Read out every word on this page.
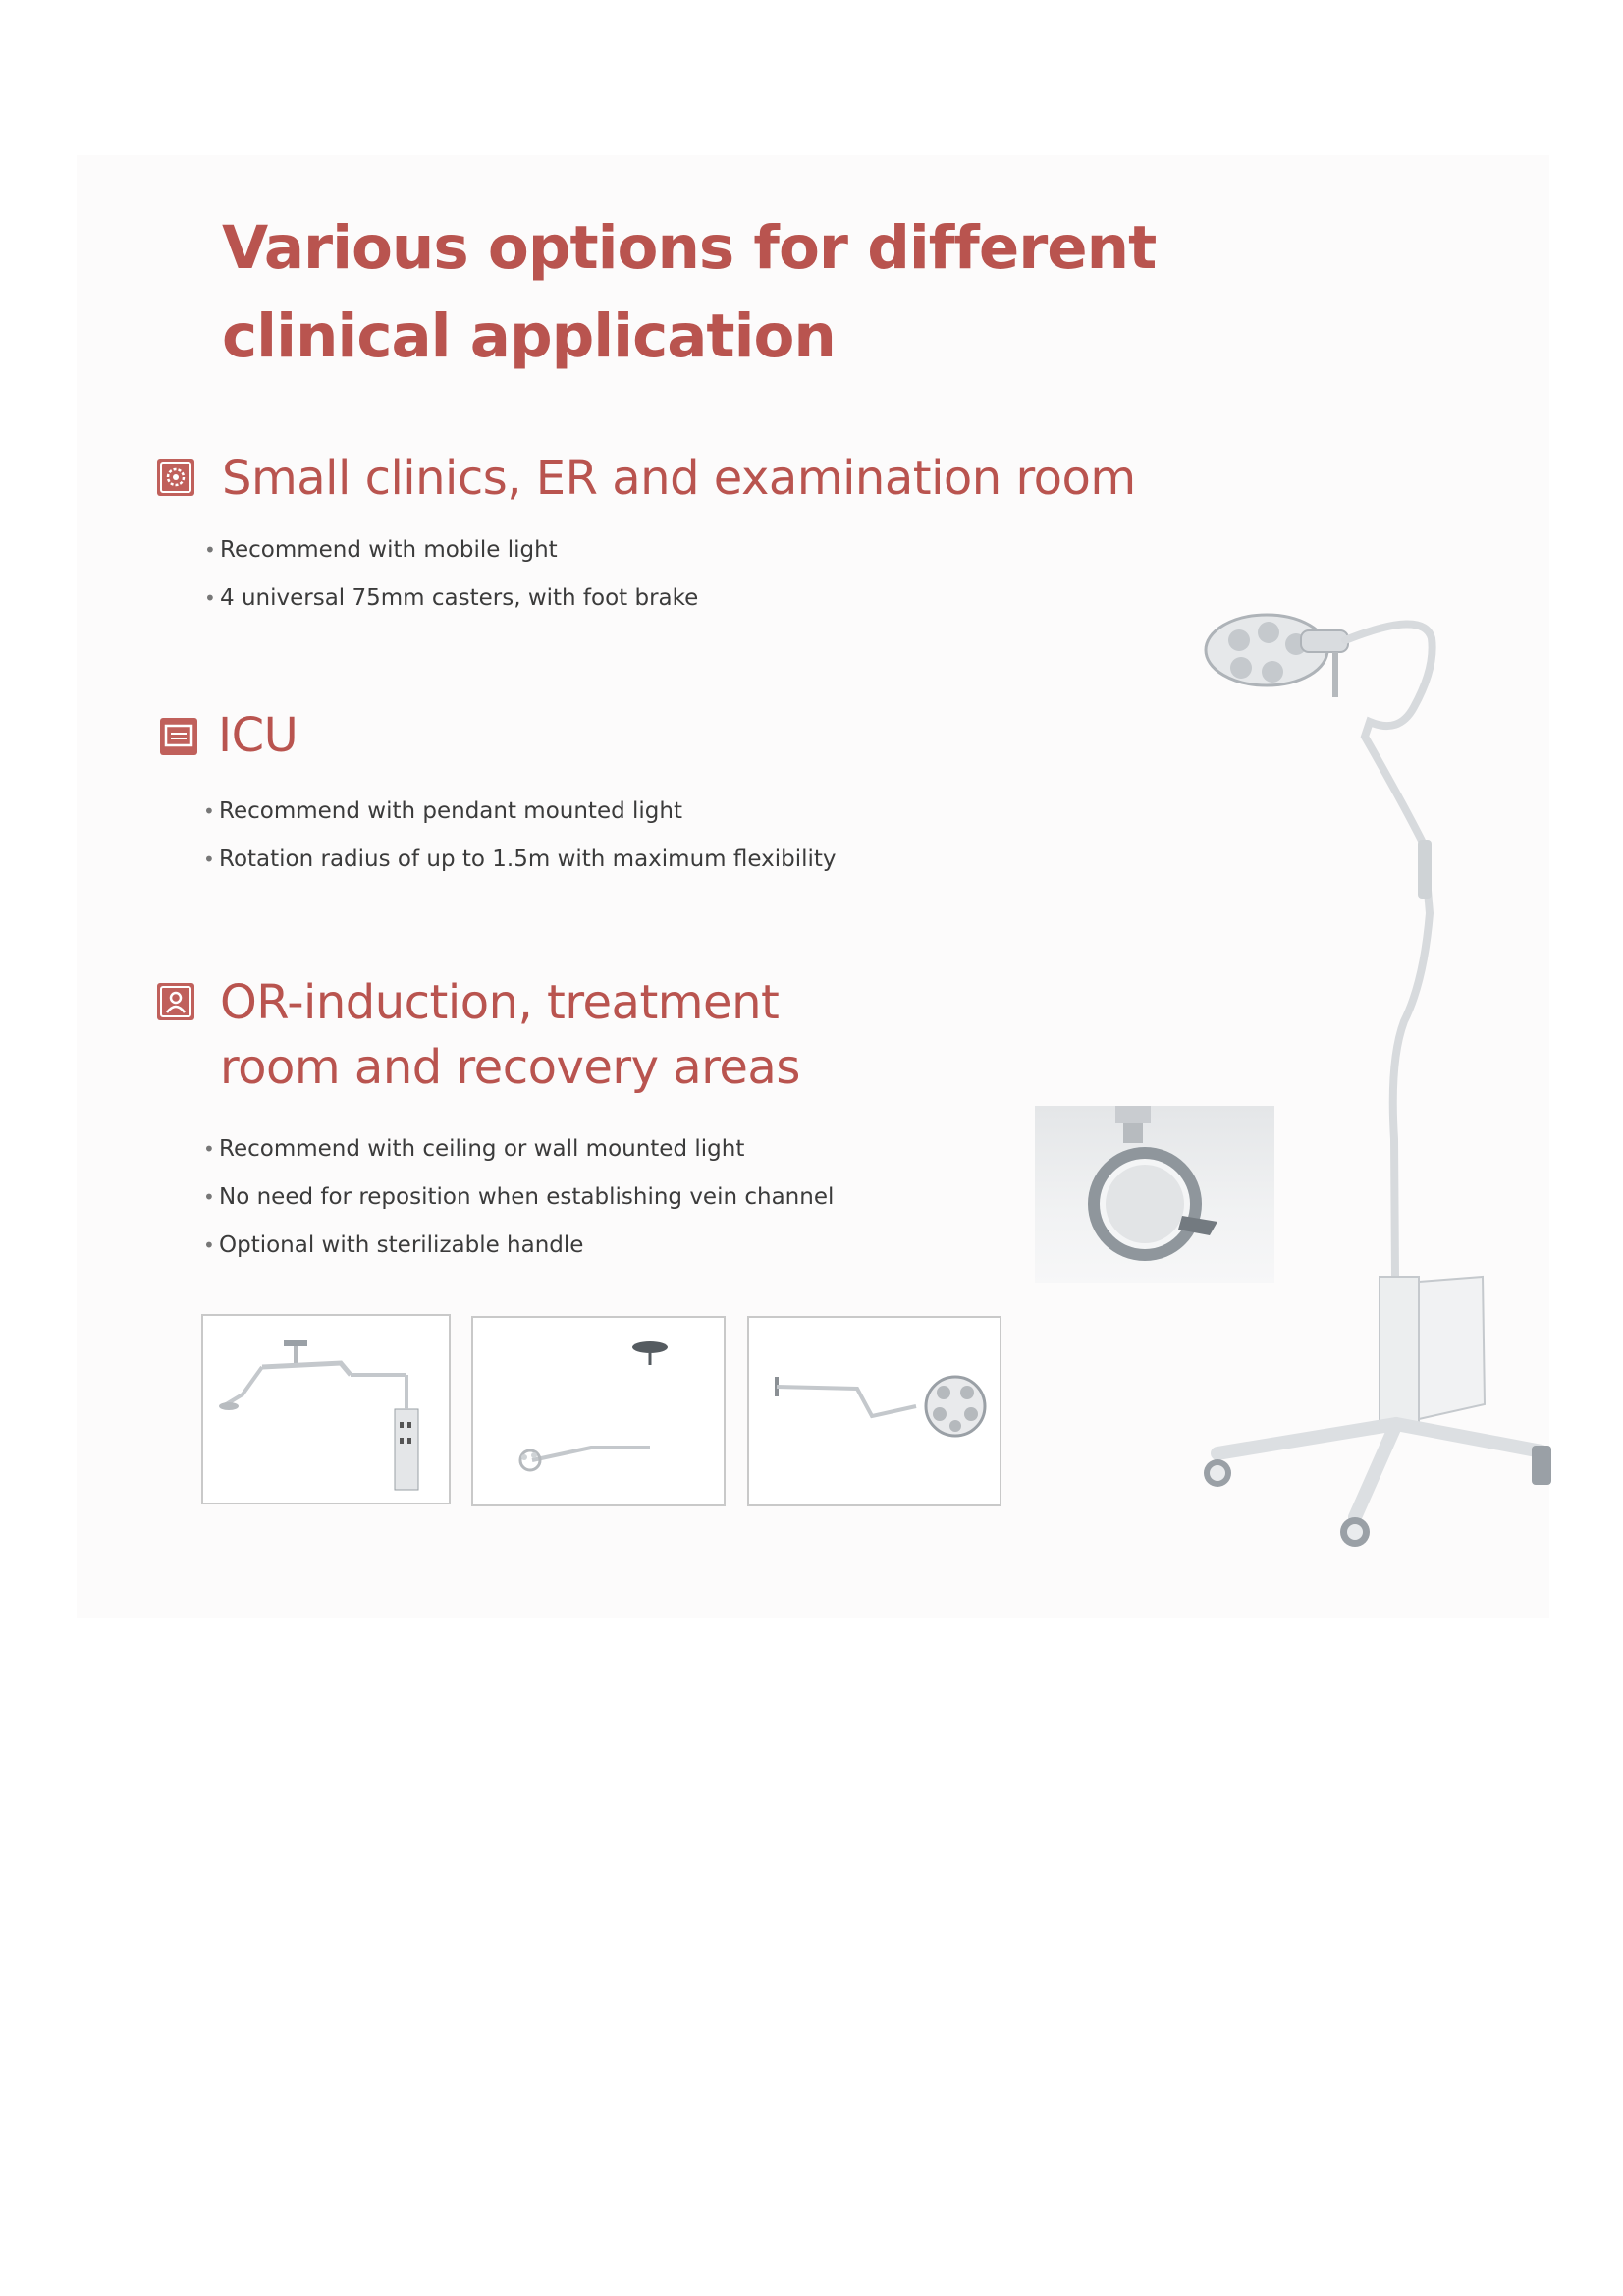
Various options for different clinical application
Small clinics, ER and examination room
• Recommend with mobile light
• 4 universal 75mm casters, with foot brake
ICU
• Recommend with pendant mounted light
• Rotation radius of up to 1.5m with maximum flexibility
OR-induction, treatment
room and recovery areas
• Recommend with ceiling or wall mounted light
• No need for reposition when establishing vein channel
• Optional with sterilizable handle
